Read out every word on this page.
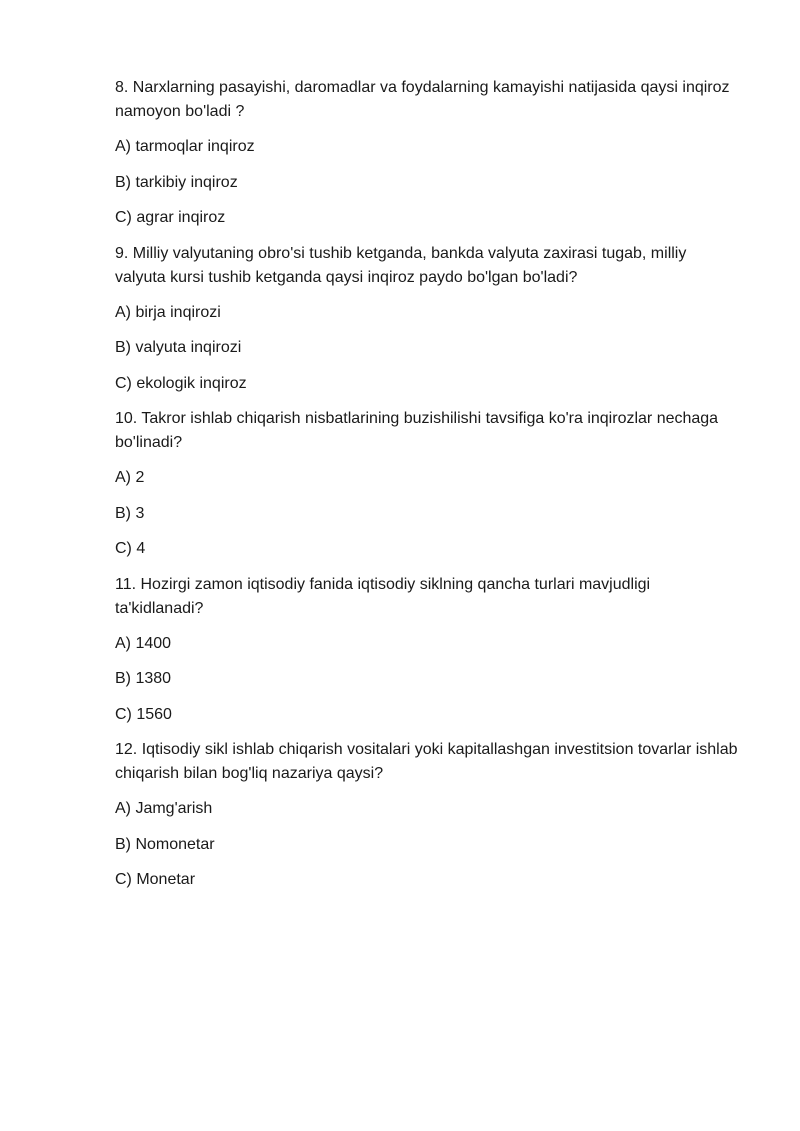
8. Narxlarning pasayishi, daromadlar va foydalarning kamayishi natijasida qaysi inqiroz namoyon bo'ladi ?

A) tarmoqlar inqiroz

B) tarkibiy inqiroz

C) agrar inqiroz

9. Milliy valyutaning obro'si tushib ketganda, bankda valyuta zaxirasi tugab, milliy valyuta kursi tushib ketganda qaysi inqiroz paydo bo'lgan bo'ladi?

A) birja inqirozi

B) valyuta inqirozi

C) ekologik inqiroz

10. Takror ishlab chiqarish nisbatlarining buzishilishi tavsifiga ko'ra inqirozlar nechaga bo'linadi?

A) 2

B) 3

C) 4

11. Hozirgi zamon iqtisodiy fanida iqtisodiy siklning qancha turlari mavjudligi ta'kidlanadi?

A) 1400

B) 1380

C) 1560

12. Iqtisodiy sikl ishlab chiqarish vositalari yoki kapitallashgan investitsion tovarlar ishlab chiqarish bilan bog'liq nazariya qaysi?

A) Jamg'arish

B) Nomonetar

C) Monetar
